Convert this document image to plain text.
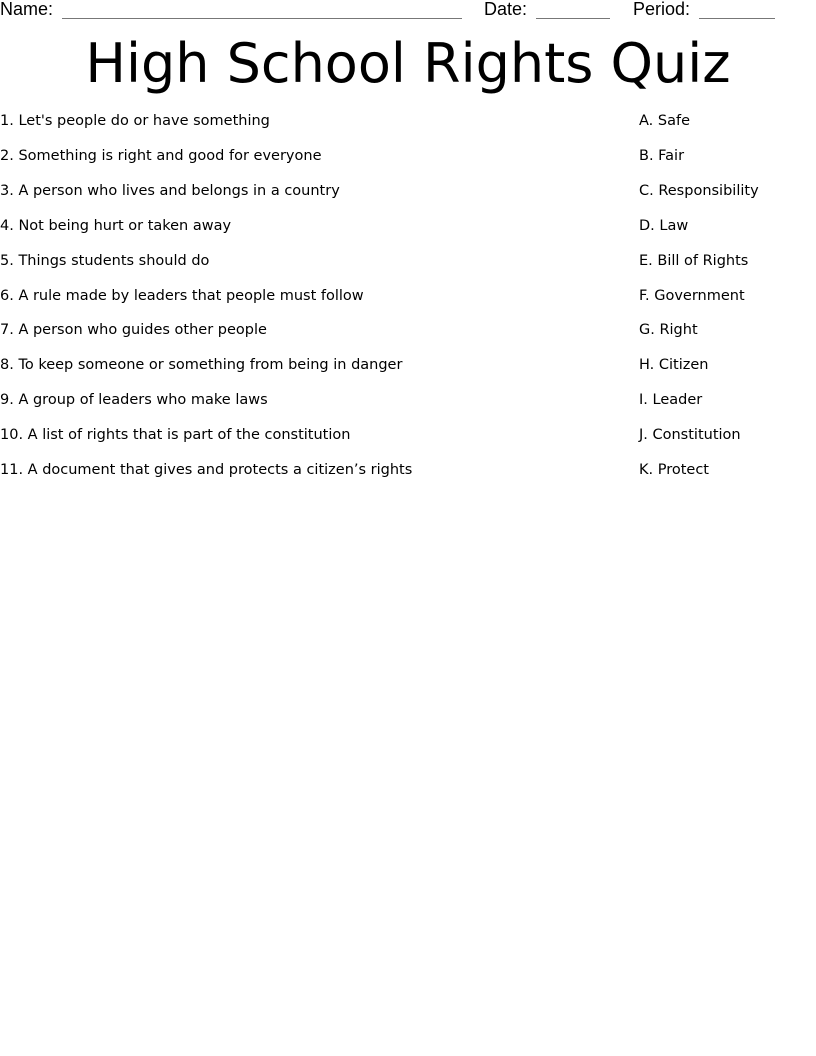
Name:	Date:	Period:
High School Rights Quiz
1. Let's people do or have something
2. Something is right and good for everyone
3. A person who lives and belongs in a country
4. Not being hurt or taken away
5. Things students should do
6. A rule made by leaders that people must follow
7. A person who guides other people
8. To keep someone or something from being in danger
9. A group of leaders who make laws
10. A list of rights that is part of the constitution
11. A document that gives and protects a citizen’s rights
A. Safe
B. Fair
C. Responsibility
D. Law
E. Bill of Rights
F. Government
G. Right
H. Citizen
I. Leader
J. Constitution
K. Protect
